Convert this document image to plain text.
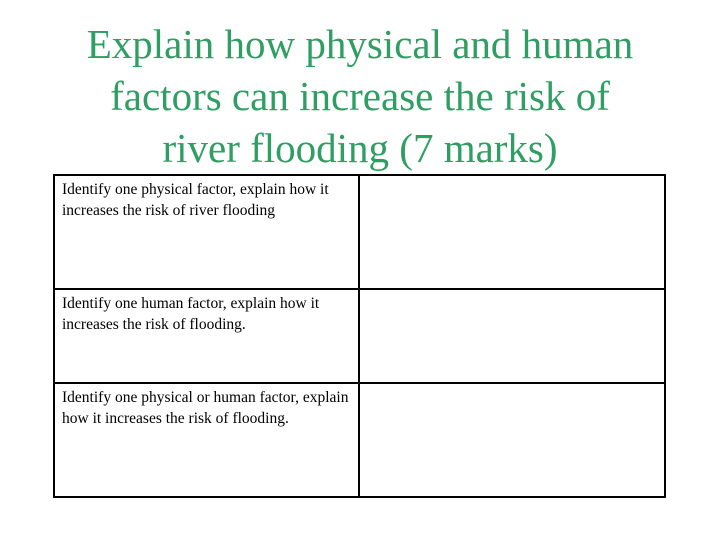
Explain how physical and human
factors can increase the risk of
river flooding (7 marks)
Identify one physical factor, explain how it increases the risk of river flooding
Identify one human factor, explain how it increases the risk of flooding.
Identify one physical or human factor, explain how it increases the risk of flooding.
